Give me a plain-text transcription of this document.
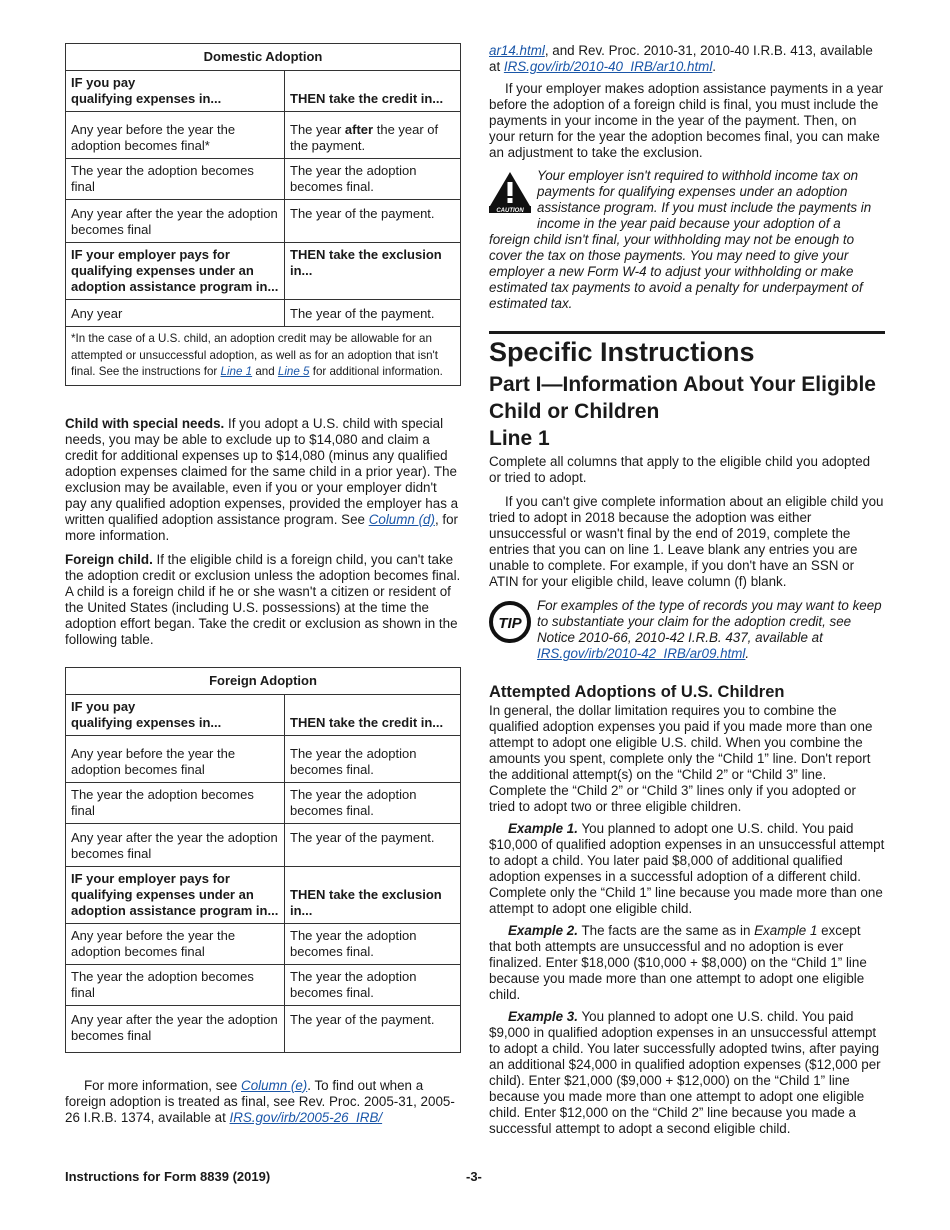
Domestic Adoption	
IF you pay
qualifying expenses in...	THEN take the credit in...
Any year before the year the adoption becomes final*	The year after the year of the payment.
The year the adoption becomes final	The year the adoption becomes final.
Any year after the year the adoption becomes final	The year of the payment.
IF your employer pays for qualifying expenses under an adoption assistance program in...	THEN take the exclusion in...
Any year	The year of the payment.
*In the case of a U.S. child, an adoption credit may be allowable for an attempted or unsuccessful adoption, as well as for an adoption that isn't final. See the instructions for Line 1 and Line 5 for additional information.	

Child with special needs. If you adopt a U.S. child with special needs, you may be able to exclude up to $14,080 and claim a credit for additional expenses up to $14,080 (minus any qualified adoption expenses claimed for the same child in a prior year). The exclusion may be available, even if you or your employer didn't pay any qualified adoption expenses, provided the employer has a written qualified adoption assistance program. See Column (d), for more information.

Foreign child. If the eligible child is a foreign child, you can't take the adoption credit or exclusion unless the adoption becomes final. A child is a foreign child if he or she wasn't a citizen or resident of the United States (including U.S. possessions) at the time the adoption effort began. Take the credit or exclusion as shown in the following table.

Foreign Adoption	
IF you pay
qualifying expenses in...	THEN take the credit in...
Any year before the year the adoption becomes final	The year the adoption becomes final.
The year the adoption becomes final	The year the adoption becomes final.
Any year after the year the adoption becomes final	The year of the payment.
IF your employer pays for qualifying expenses under an adoption assistance program in...	THEN take the exclusion in...
Any year before the year the adoption becomes final	The year the adoption becomes final.
The year the adoption becomes final	The year the adoption becomes final.
Any year after the year the adoption becomes final	The year of the payment.

For more information, see Column (e). To find out when a foreign adoption is treated as final, see Rev. Proc. 2005-31, 2005-26 I.R.B. 1374, available at IRS.gov/irb/2005-26_IRB/

ar14.html, and Rev. Proc. 2010-31, 2010-40 I.R.B. 413, available at IRS.gov/irb/2010-40_IRB/ar10.html.

If your employer makes adoption assistance payments in a year before the adoption of a foreign child is final, you must include the payments in your income in the year of the payment. Then, on your return for the year the adoption becomes final, you can make an adjustment to take the exclusion.

CAUTION
Your employer isn't required to withhold income tax on payments for qualifying expenses under an adoption assistance program. If you must include the payments in income in the year paid because your adoption of a foreign child isn't final, your withholding may not be enough to cover the tax on those payments. You may need to give your employer a new Form W-4 to adjust your withholding or make estimated tax payments to avoid a penalty for underpayment of estimated tax.
Specific Instructions
Part I—Information About Your Eligible Child or Children
Line 1

Complete all columns that apply to the eligible child you adopted or tried to adopt.

If you can't give complete information about an eligible child you tried to adopt in 2018 because the adoption was either unsuccessful or wasn't final by the end of 2019, complete the entries that you can on line 1. Leave blank any entries you are unable to complete. For example, if you don't have an SSN or ATIN for your eligible child, leave column (f) blank.

TIP
For examples of the type of records you may want to keep to substantiate your claim for the adoption credit, see Notice 2010-66, 2010-42 I.R.B. 437, available at IRS.gov/irb/2010-42_IRB/ar09.html.
Attempted Adoptions of U.S. Children

In general, the dollar limitation requires you to combine the qualified adoption expenses you paid if you made more than one attempt to adopt one eligible U.S. child. When you combine the amounts you spent, complete only the “Child 1” line. Don't report the additional attempt(s) on the “Child 2” or “Child 3” line. Complete the “Child 2” or “Child 3” lines only if you adopted or tried to adopt two or three eligible children.

Example 1. You planned to adopt one U.S. child. You paid $10,000 of qualified adoption expenses in an unsuccessful attempt to adopt a child. You later paid $8,000 of additional qualified adoption expenses in a successful adoption of a different child. Complete only the “Child 1” line because you made more than one attempt to adopt one eligible child.

Example 2. The facts are the same as in Example 1 except that both attempts are unsuccessful and no adoption is ever finalized. Enter $18,000 ($10,000 + $8,000) on the “Child 1” line because you made more than one attempt to adopt one eligible child.

Example 3. You planned to adopt one U.S. child. You paid $9,000 in qualified adoption expenses in an unsuccessful attempt to adopt a child. You later successfully adopted twins, after paying an additional $24,000 in qualified adoption expenses ($12,000 per child). Enter $21,000 ($9,000 + $12,000) on the “Child 1” line because you made more than one attempt to adopt one eligible child. Enter $12,000 on the “Child 2” line because you made a successful attempt to adopt a second eligible child.

Instructions for Form 8839 (2019)	-3-
